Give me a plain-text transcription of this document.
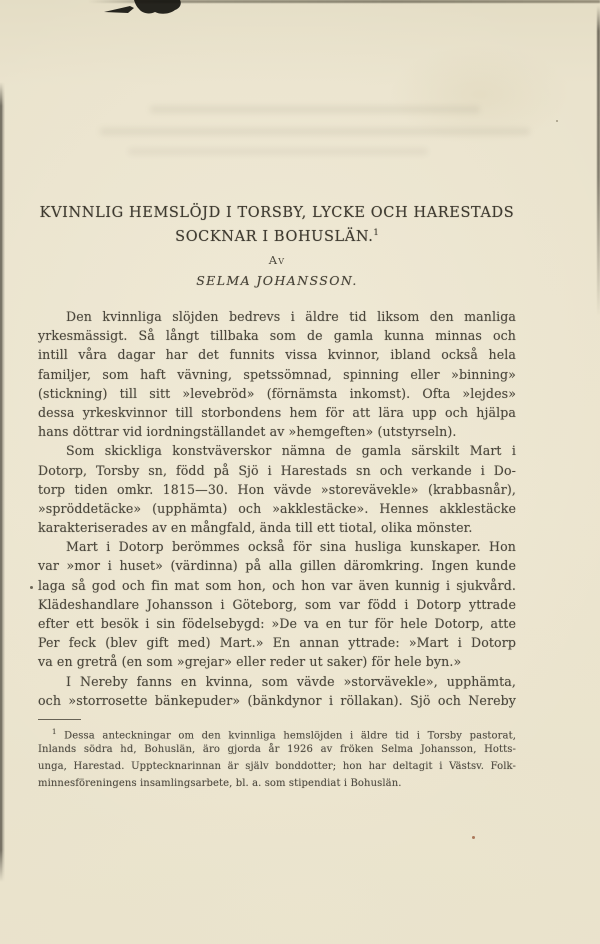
KVINNLIG HEMSLÖJD I TORSBY, LYCKE OCH HARESTADS
SOCKNAR I BOHUSLÄN.$^1$
Av
SELMA JOHANSSON.
Den kvinnliga slöjden bedrevs i äldre tid liksom den manliga
yrkesmässigt. Så långt tillbaka som de gamla kunna minnas och
intill våra dagar har det funnits vissa kvinnor, ibland också hela
familjer, som haft vävning, spetssömnad, spinning eller »binning»
(stickning) till sitt »levebröd» (förnämsta inkomst). Ofta »lejdes»
dessa yrkeskvinnor till storbondens hem för att lära upp och hjälpa
hans döttrar vid iordningställandet av »hemgeften» (utstyrseln).
Som skickliga konstväverskor nämna de gamla särskilt Mart i
Dotorp, Torsby sn, född på Sjö i Harestads sn och verkande i Do-
torp tiden omkr. 1815—30. Hon vävde »storevävekle» (krabbasnår),
»spröddetäcke» (upphämta) och »akklestäcke». Hennes akklestäcke
karakteriserades av en mångfald, ända till ett tiotal, olika mönster.
Mart i Dotorp berömmes också för sina husliga kunskaper. Hon
var »mor i huset» (värdinna) på alla gillen däromkring. Ingen kunde
laga så god och fin mat som hon, och hon var även kunnig i sjukvård.
Klädeshandlare Johansson i Göteborg, som var född i Dotorp yttrade
efter ett besök i sin födelsebygd: »De va en tur för hele Dotorp, atte
Per feck (blev gift med) Mart.» En annan yttrade: »Mart i Dotorp
va en gretrå (en som »grejar» eller reder ut saker) för hele byn.»
I Nereby fanns en kvinna, som vävde »storvävekle», upphämta,
och »storrosette bänkepuder» (bänkdynor i röllakan). Sjö och Nereby
$^1$ Dessa anteckningar om den kvinnliga hemslöjden i äldre tid i Torsby pastorat,
Inlands södra hd, Bohuslän, äro gjorda år 1926 av fröken Selma Johansson, Hotts-
unga, Harestad. Upptecknarinnan är själv bonddotter; hon har deltagit i Västsv. Folk-
minnesföreningens insamlingsarbete, bl. a. som stipendiat i Bohuslän.
